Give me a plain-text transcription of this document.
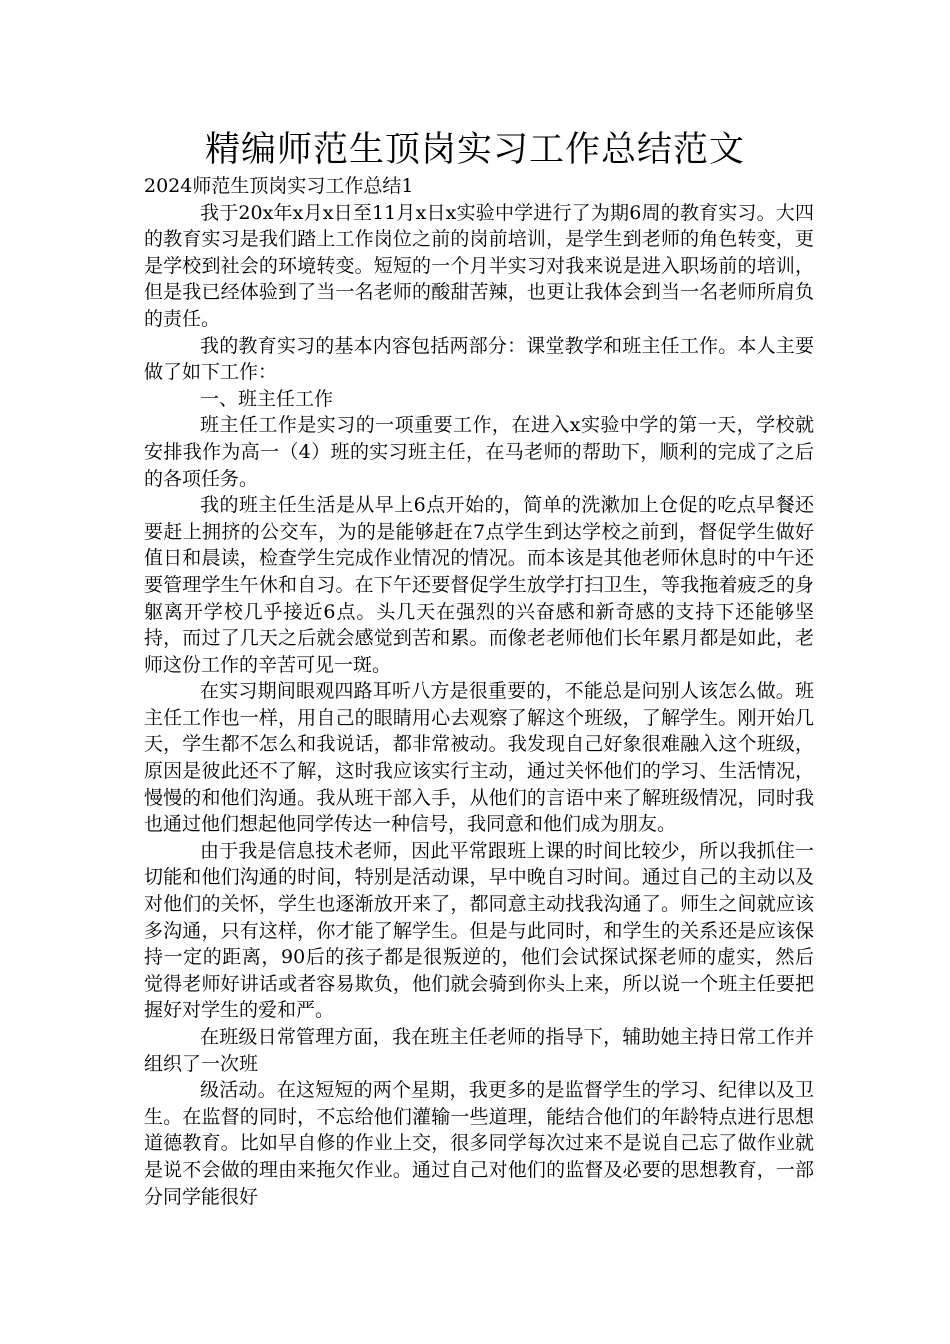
精编师范生顶岗实习工作总结范文

2024师范生顶岗实习工作总结1

我于20x年x月x日至11月x日x实验中学进行了为期6周的教育实习。大四的教育实习是我们踏上工作岗位之前的岗前培训，是学生到老师的角色转变，更是学校到社会的环境转变。短短的一个月半实习对我来说是进入职场前的培训，但是我已经体验到了当一名老师的酸甜苦辣，也更让我体会到当一名老师所肩负的责任。

我的教育实习的基本内容包括两部分：课堂教学和班主任工作。本人主要做了如下工作：

一、班主任工作

班主任工作是实习的一项重要工作，在进入x实验中学的第一天，学校就安排我作为高一（4）班的实习班主任，在马老师的帮助下，顺利的完成了之后的各项任务。

我的班主任生活是从早上6点开始的，简单的洗漱加上仓促的吃点早餐还要赶上拥挤的公交车，为的是能够赶在7点学生到达学校之前到，督促学生做好值日和晨读，检查学生完成作业情况的情况。而本该是其他老师休息时的中午还要管理学生午休和自习。在下午还要督促学生放学打扫卫生，等我拖着疲乏的身躯离开学校几乎接近6点。头几天在强烈的兴奋感和新奇感的支持下还能够坚持，而过了几天之后就会感觉到苦和累。而像老老师他们长年累月都是如此，老师这份工作的辛苦可见一斑。

在实习期间眼观四路耳听八方是很重要的，不能总是问别人该怎么做。班主任工作也一样，用自己的眼睛用心去观察了解这个班级，了解学生。刚开始几天，学生都不怎么和我说话，都非常被动。我发现自己好象很难融入这个班级，原因是彼此还不了解，这时我应该实行主动，通过关怀他们的学习、生活情况，慢慢的和他们沟通。我从班干部入手，从他们的言语中来了解班级情况，同时我也通过他们想起他同学传达一种信号，我同意和他们成为朋友。

由于我是信息技术老师，因此平常跟班上课的时间比较少，所以我抓住一切能和他们沟通的时间，特别是活动课，早中晚自习时间。通过自己的主动以及对他们的关怀，学生也逐渐放开来了，都同意主动找我沟通了。师生之间就应该多沟通，只有这样，你才能了解学生。但是与此同时，和学生的关系还是应该保持一定的距离，90后的孩子都是很叛逆的，他们会试探试探老师的虚实，然后觉得老师好讲话或者容易欺负，他们就会骑到你头上来，所以说一个班主任要把握好对学生的爱和严。

在班级日常管理方面，我在班主任老师的指导下，辅助她主持日常工作并组织了一次班

级活动。在这短短的两个星期，我更多的是监督学生的学习、纪律以及卫生。在监督的同时，不忘给他们灌输一些道理，能结合他们的年龄特点进行思想道德教育。比如早自修的作业上交，很多同学每次过来不是说自己忘了做作业就是说不会做的理由来拖欠作业。通过自己对他们的监督及必要的思想教育，一部分同学能很好
